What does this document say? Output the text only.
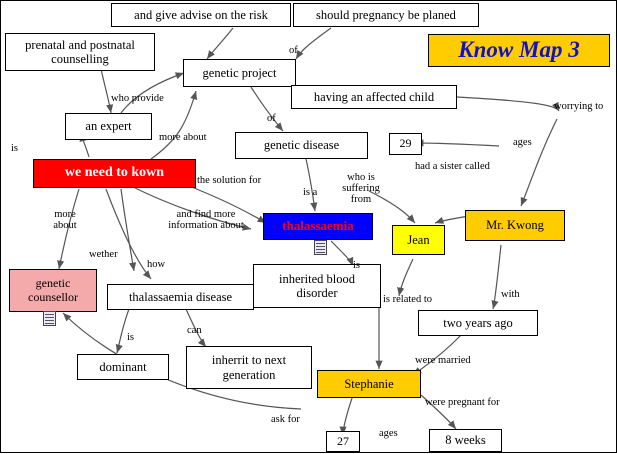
and give advise on the risk	should pregnancy be planed
prenatal and postnatal counselling	Know Map 3
genetic project
having an affected child
an expert
genetic disease
we need to kown
29
thalassaemia
Jean
Mr. Kwong
genetic counsellor	thalassaemia disease
inherited blood disorder
two years ago
dominant	inherrit to next generation
Stephanie
27	8 weeks
of
who provide
of
more about
is
ages
worrying to
had a sister called
who is suffering from
is a
the solution for
more about
and find more information about
wether
how	is
is related to	with
is
can
were married
were pregnant for
ask for
ages
